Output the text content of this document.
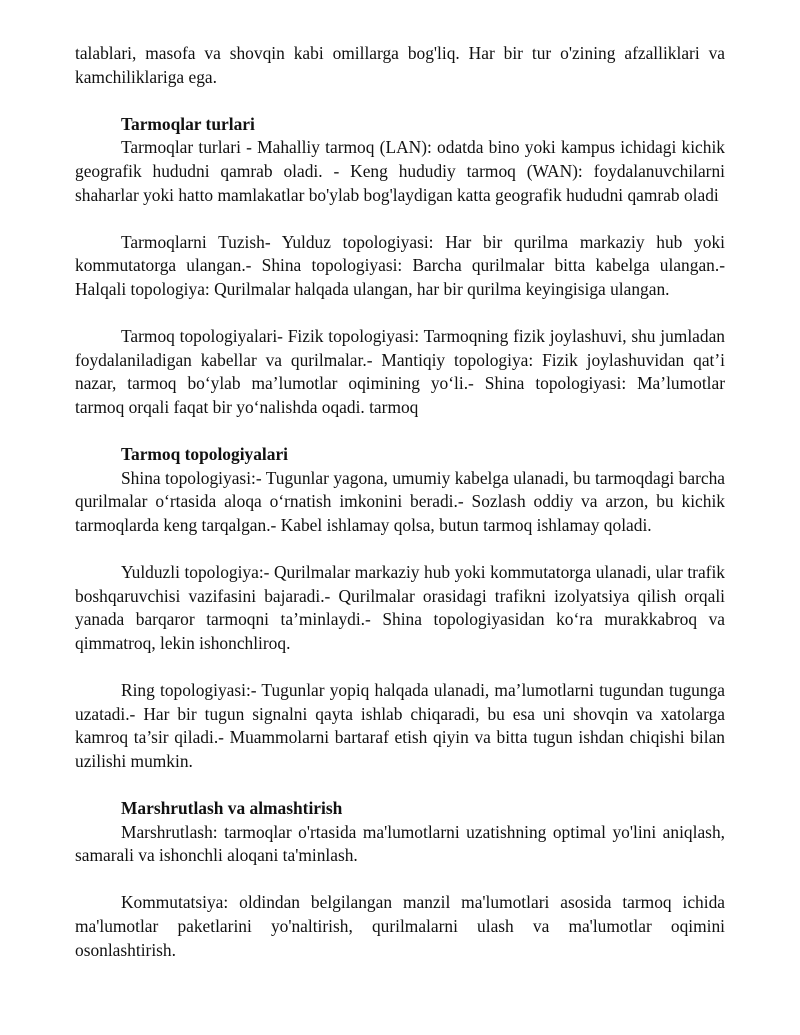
talablari, masofa va shovqin kabi omillarga bog'liq. Har bir tur o'zining afzalliklari va kamchiliklariga ega.

Tarmoqlar turlari

Tarmoqlar turlari - Mahalliy tarmoq (LAN): odatda bino yoki kampus ichidagi kichik geografik hududni qamrab oladi. - Keng hududiy tarmoq (WAN): foydalanuvchilarni shaharlar yoki hatto mamlakatlar bo'ylab bog'laydigan katta geografik hududni qamrab oladi

Tarmoqlarni Tuzish- Yulduz topologiyasi: Har bir qurilma markaziy hub yoki kommutatorga ulangan.- Shina topologiyasi: Barcha qurilmalar bitta kabelga ulangan.- Halqali topologiya: Qurilmalar halqada ulangan, har bir qurilma keyingisiga ulangan.

Tarmoq topologiyalari- Fizik topologiyasi: Tarmoqning fizik joylashuvi, shu jumladan foydalaniladigan kabellar va qurilmalar.- Mantiqiy topologiya: Fizik joylashuvidan qat’i nazar, tarmoq bo‘ylab ma’lumotlar oqimining yo‘li.- Shina topologiyasi: Ma’lumotlar tarmoq orqali faqat bir yo‘nalishda oqadi. tarmoq

Tarmoq topologiyalari

Shina topologiyasi:- Tugunlar yagona, umumiy kabelga ulanadi, bu tarmoqdagi barcha qurilmalar o‘rtasida aloqa o‘rnatish imkonini beradi.- Sozlash oddiy va arzon, bu kichik tarmoqlarda keng tarqalgan.- Kabel ishlamay qolsa, butun tarmoq ishlamay qoladi.

Yulduzli topologiya:- Qurilmalar markaziy hub yoki kommutatorga ulanadi, ular trafik boshqaruvchisi vazifasini bajaradi.- Qurilmalar orasidagi trafikni izolyatsiya qilish orqali yanada barqaror tarmoqni ta’minlaydi.- Shina topologiyasidan ko‘ra murakkabroq va qimmatroq, lekin ishonchliroq.

Ring topologiyasi:- Tugunlar yopiq halqada ulanadi, ma’lumotlarni tugundan tugunga uzatadi.- Har bir tugun signalni qayta ishlab chiqaradi, bu esa uni shovqin va xatolarga kamroq ta’sir qiladi.- Muammolarni bartaraf etish qiyin va bitta tugun ishdan chiqishi bilan uzilishi mumkin.

Marshrutlash va almashtirish

Marshrutlash: tarmoqlar o'rtasida ma'lumotlarni uzatishning optimal yo'lini aniqlash, samarali va ishonchli aloqani ta'minlash.

Kommutatsiya: oldindan belgilangan manzil ma'lumotlari asosida tarmoq ichida ma'lumotlar paketlarini yo'naltirish, qurilmalarni ulash va ma'lumotlar oqimini osonlashtirish.
